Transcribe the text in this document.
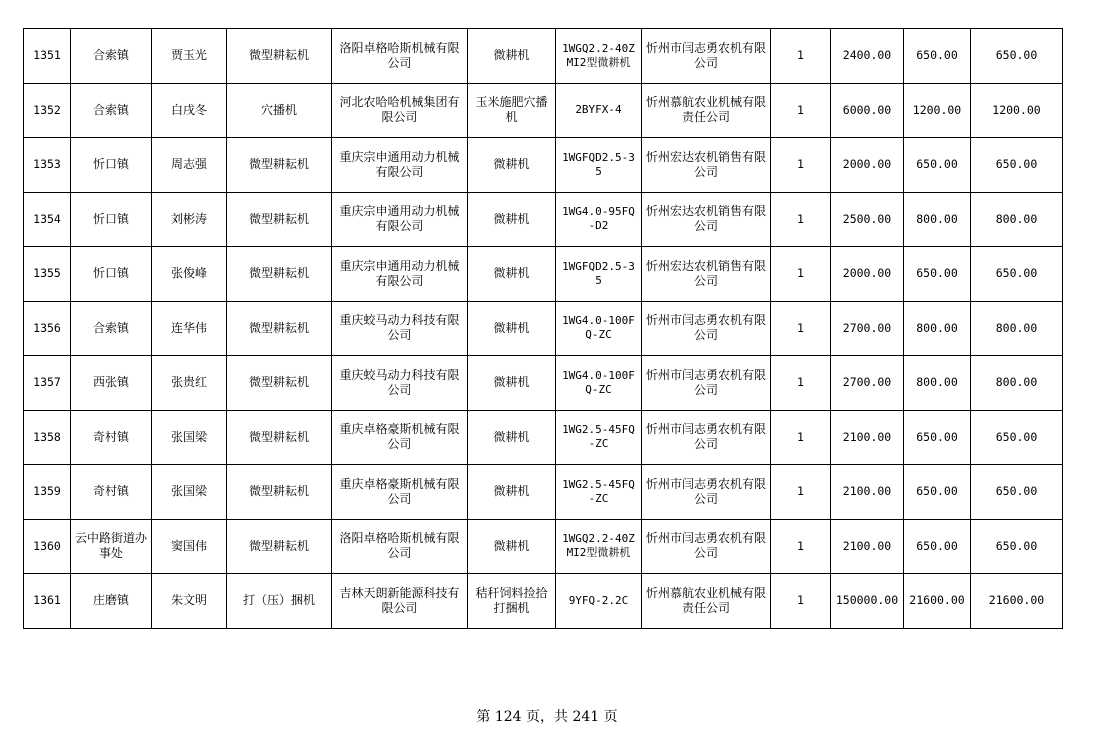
1351	合索镇	贾玉光	微型耕耘机	洛阳卓格哈斯机械有限公司	微耕机	1WGQ2.2-40ZMI2型微耕机	忻州市闫志勇农机有限公司	1	2400.00	650.00	650.00
1352	合索镇	白戌冬	穴播机	河北农哈哈机械集团有限公司	玉米施肥穴播机	2BYFX-4	忻州慕航农业机械有限责任公司	1	6000.00	1200.00	1200.00
1353	忻口镇	周志强	微型耕耘机	重庆宗申通用动力机械有限公司	微耕机	1WGFQD2.5-35	忻州宏达农机销售有限公司	1	2000.00	650.00	650.00
1354	忻口镇	刘彬涛	微型耕耘机	重庆宗申通用动力机械有限公司	微耕机	1WG4.0-95FQ-D2	忻州宏达农机销售有限公司	1	2500.00	800.00	800.00
1355	忻口镇	张俊峰	微型耕耘机	重庆宗申通用动力机械有限公司	微耕机	1WGFQD2.5-35	忻州宏达农机销售有限公司	1	2000.00	650.00	650.00
1356	合索镇	连华伟	微型耕耘机	重庆蛟马动力科技有限公司	微耕机	1WG4.0-100FQ-ZC	忻州市闫志勇农机有限公司	1	2700.00	800.00	800.00
1357	西张镇	张贵红	微型耕耘机	重庆蛟马动力科技有限公司	微耕机	1WG4.0-100FQ-ZC	忻州市闫志勇农机有限公司	1	2700.00	800.00	800.00
1358	奇村镇	张国梁	微型耕耘机	重庆卓格豪斯机械有限公司	微耕机	1WG2.5-45FQ-ZC	忻州市闫志勇农机有限公司	1	2100.00	650.00	650.00
1359	奇村镇	张国梁	微型耕耘机	重庆卓格豪斯机械有限公司	微耕机	1WG2.5-45FQ-ZC	忻州市闫志勇农机有限公司	1	2100.00	650.00	650.00
1360	云中路街道办事处	窦国伟	微型耕耘机	洛阳卓格哈斯机械有限公司	微耕机	1WGQ2.2-40ZMI2型微耕机	忻州市闫志勇农机有限公司	1	2100.00	650.00	650.00
1361	庄磨镇	朱文明	打（压）捆机	吉林天朗新能源科技有限公司	秸秆饲料捡拾打捆机	9YFQ-2.2C	忻州慕航农业机械有限责任公司	1	150000.00	21600.00	21600.00
第 124 页，共 241 页
